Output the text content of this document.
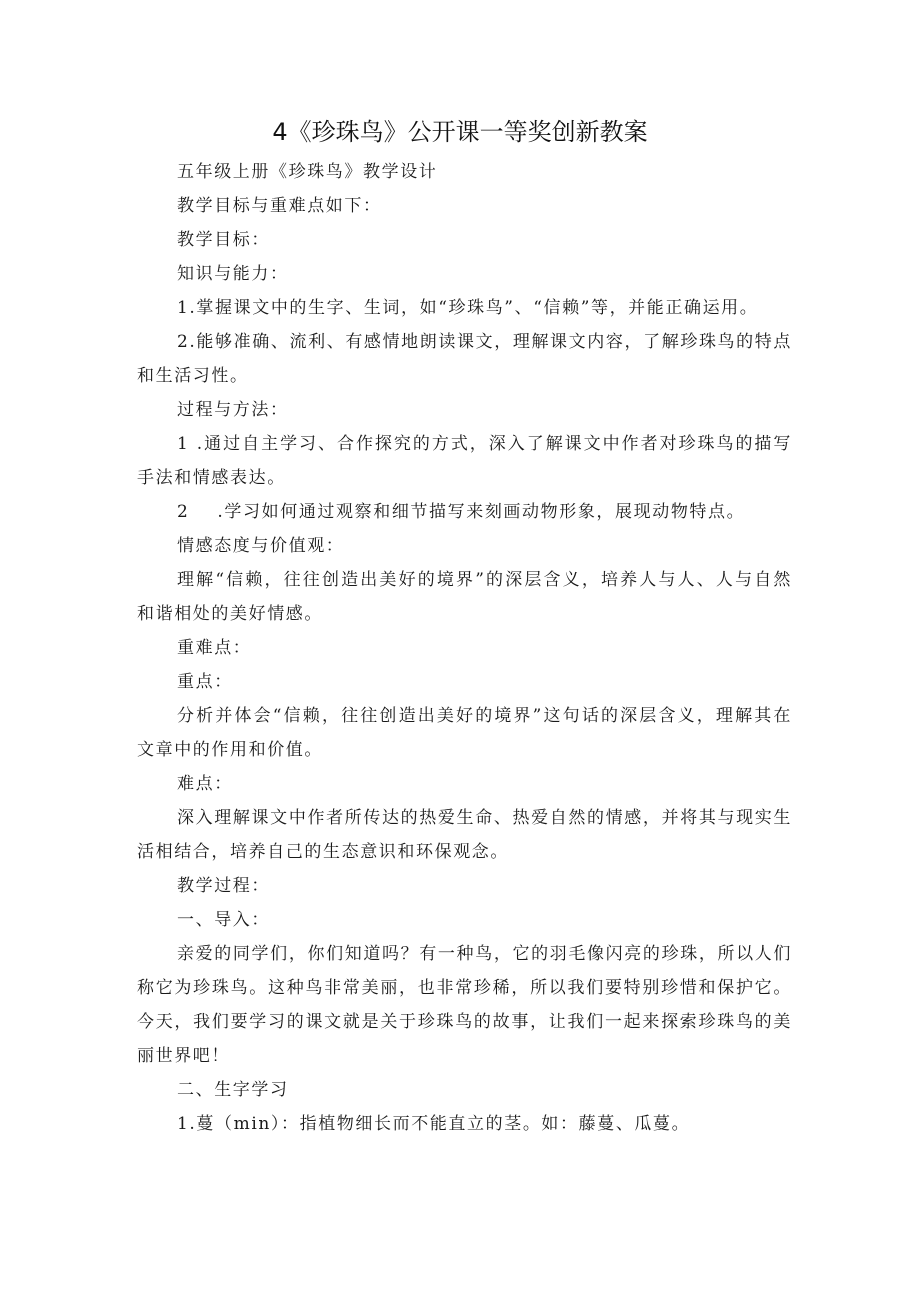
4《珍珠鸟》公开课一等奖创新教案

五年级上册《珍珠鸟》教学设计

教学目标与重难点如下：

教学目标：

知识与能力：

1.掌握课文中的生字、生词，如“珍珠鸟”、“信赖”等，并能正确运用。

2.能够准确、流利、有感情地朗读课文，理解课文内容，了解珍珠鸟的特点和生活习性。

过程与方法：

1 .通过自主学习、合作探究的方式，深入了解课文中作者对珍珠鸟的描写手法和情感表达。

2    .学习如何通过观察和细节描写来刻画动物形象，展现动物特点。

情感态度与价值观：

理解“信赖，往往创造出美好的境界”的深层含义，培养人与人、人与自然和谐相处的美好情感。

重难点：

重点：

分析并体会“信赖，往往创造出美好的境界”这句话的深层含义，理解其在文章中的作用和价值。

难点：

深入理解课文中作者所传达的热爱生命、热爱自然的情感，并将其与现实生活相结合，培养自己的生态意识和环保观念。

教学过程：

一、导入：

亲爱的同学们，你们知道吗？有一种鸟，它的羽毛像闪亮的珍珠，所以人们称它为珍珠鸟。这种鸟非常美丽，也非常珍稀，所以我们要特别珍惜和保护它。今天，我们要学习的课文就是关于珍珠鸟的故事，让我们一起来探索珍珠鸟的美丽世界吧！

二、生字学习

1.蔓（min）：指植物细长而不能直立的茎。如：藤蔓、瓜蔓。
